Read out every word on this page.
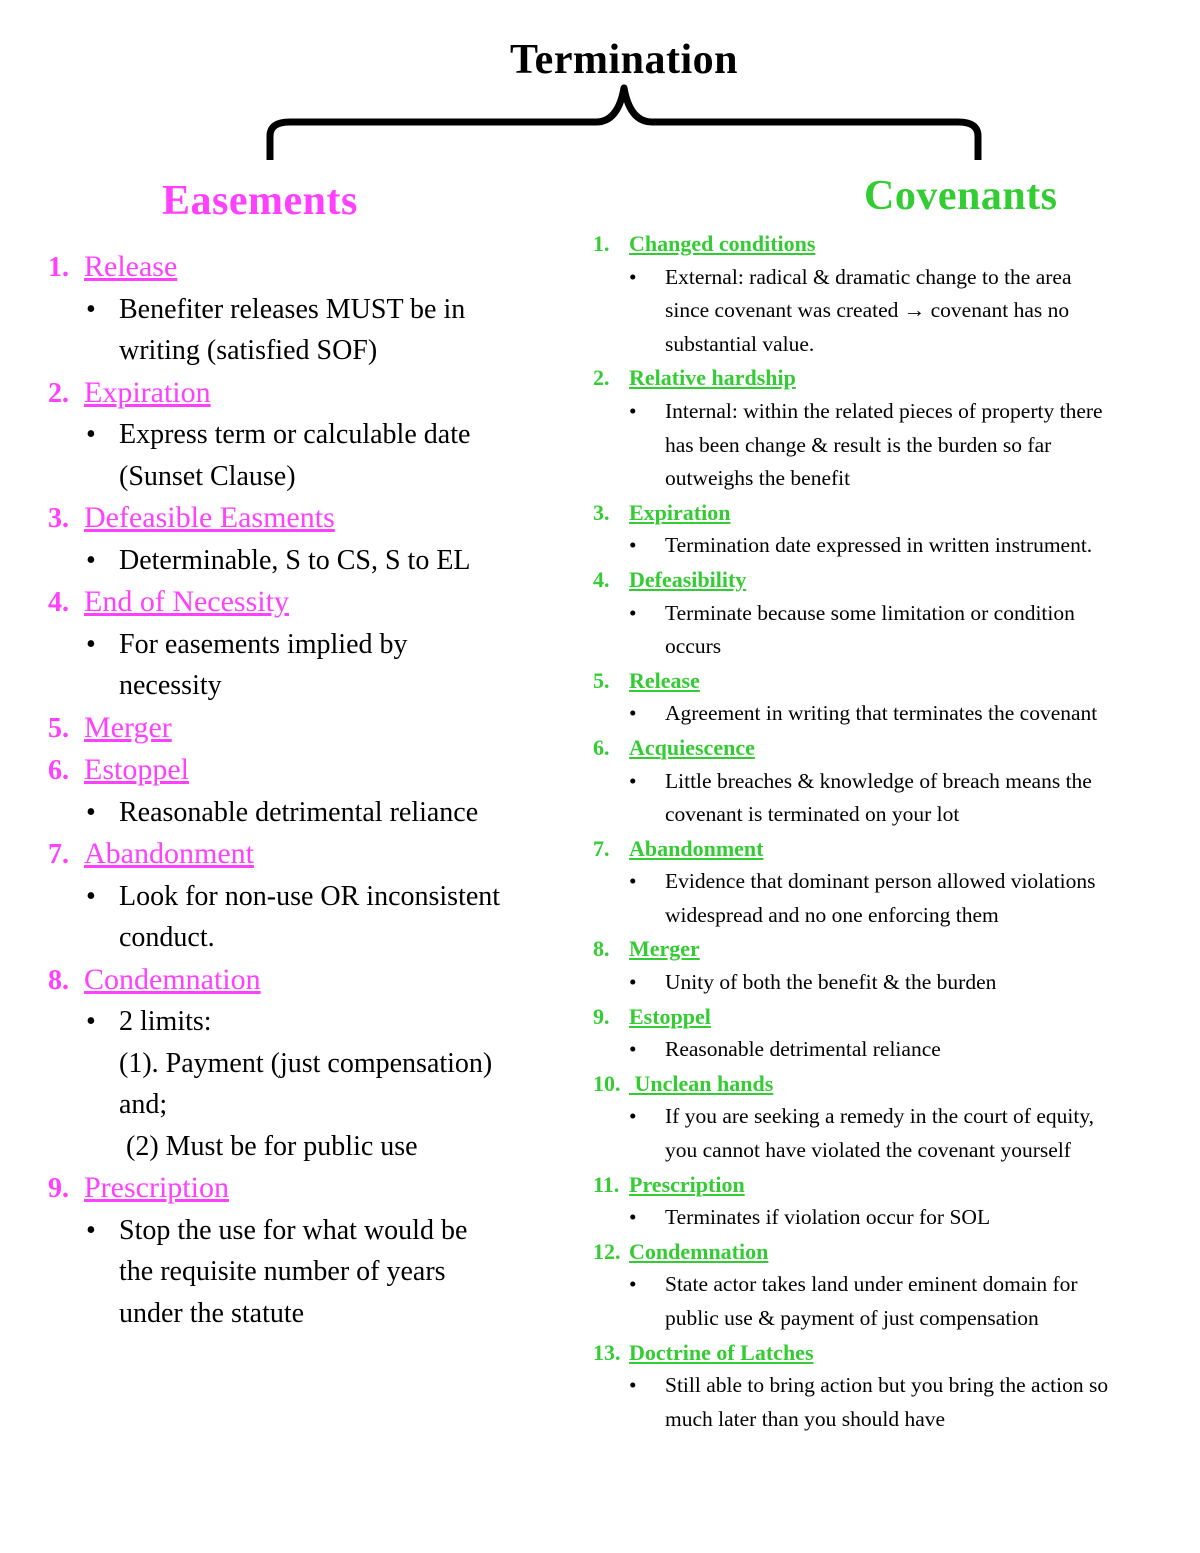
Termination
Easements	Covenants
1. Release
• Benefiter releases MUST be in
writing (satisfied SOF)
2. Expiration
• Express term or calculable date
(Sunset Clause)
3. Defeasible Easments
• Determinable, S to CS, S to EL
4. End of Necessity
• For easements implied by
necessity
5. Merger
6. Estoppel
• Reasonable detrimental reliance
7. Abandonment
• Look for non-use OR inconsistent
conduct.
8. Condemnation
• 2 limits:
(1). Payment (just compensation)
and;
(2) Must be for public use
9. Prescription
• Stop the use for what would be
the requisite number of years
under the statute
1. Changed conditions
• External: radical & dramatic change to the area
since covenant was created → covenant has no
substantial value.
2. Relative hardship
• Internal: within the related pieces of property there
has been change & result is the burden so far
outweighs the benefit
3. Expiration
• Termination date expressed in written instrument.
4. Defeasibility
• Terminate because some limitation or condition
occurs
5. Release
• Agreement in writing that terminates the covenant
6. Acquiescence
• Little breaches & knowledge of breach means the
covenant is terminated on your lot
7. Abandonment
• Evidence that dominant person allowed violations
widespread and no one enforcing them
8. Merger
• Unity of both the benefit & the burden
9. Estoppel
• Reasonable detrimental reliance
10. Unclean hands
• If you are seeking a remedy in the court of equity,
you cannot have violated the covenant yourself
11. Prescription
• Terminates if violation occur for SOL
12. Condemnation
• State actor takes land under eminent domain for
public use & payment of just compensation
13. Doctrine of Latches
• Still able to bring action but you bring the action so
much later than you should have
